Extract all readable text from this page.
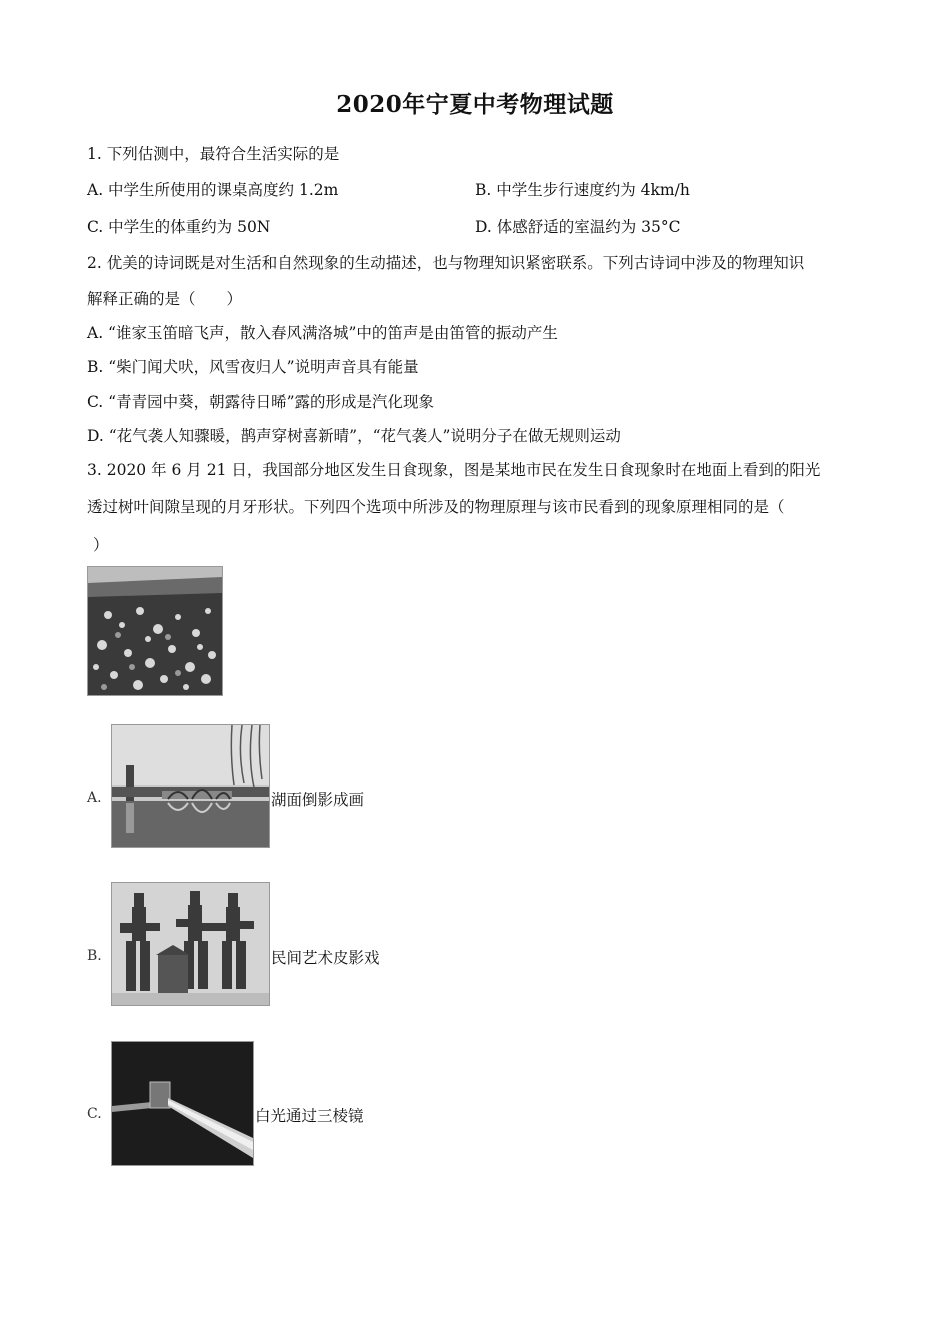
2020年宁夏中考物理试题
1. 下列估测中，最符合生活实际的是
A. 中学生所使用的课桌高度约 1.2m	B. 中学生步行速度约为 4km/h
C. 中学生的体重约为 50N	D. 体感舒适的室温约为 35°C
2. 优美的诗词既是对生活和自然现象的生动描述，也与物理知识紧密联系。下列古诗词中涉及的物理知识
解释正确的是（　　）
A. “谁家玉笛暗飞声，散入春风满洛城”中的笛声是由笛管的振动产生
B. “柴门闻犬吠，风雪夜归人”说明声音具有能量
C. “青青园中葵，朝露待日晞”露的形成是汽化现象
D. “花气袭人知骤暖，鹊声穿树喜新晴”，“花气袭人”说明分子在做无规则运动
3. 2020 年 6 月 21 日，我国部分地区发生日食现象，图是某地市民在发生日食现象时在地面上看到的阳光
透过树叶间隙呈现的月牙形状。下列四个选项中所涉及的物理原理与该市民看到的现象原理相同的是（
）
A.	湖面倒影成画
B.	民间艺术皮影戏
C.	白光通过三棱镜
